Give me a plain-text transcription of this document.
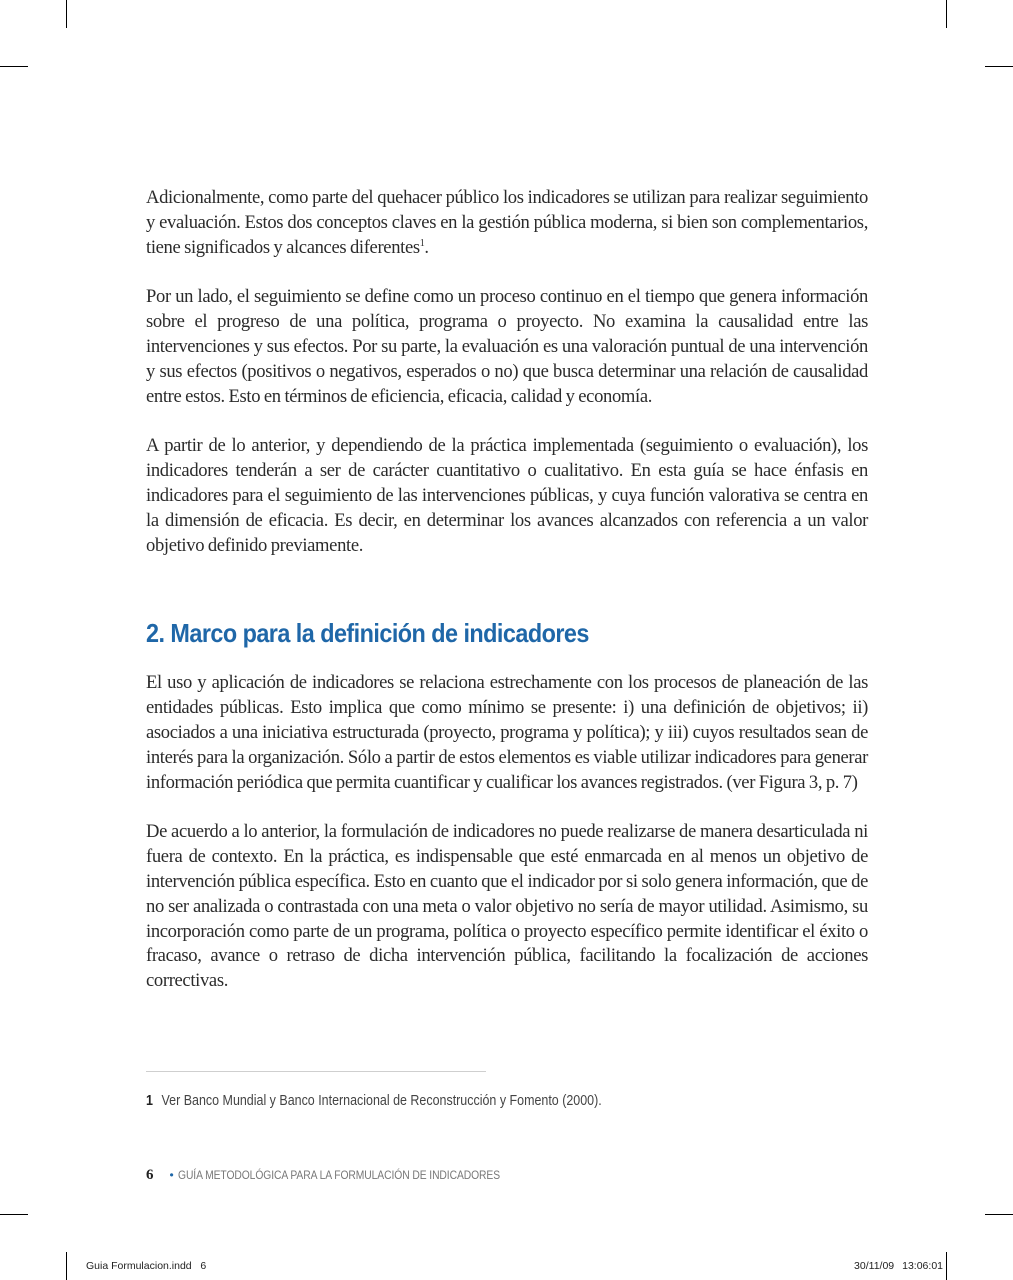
Adicionalmente, como parte del quehacer público los indicadores se utilizan para realizar seguimiento y evaluación. Estos dos conceptos claves en la gestión pública moderna, si bien son complementarios, tiene significados y alcances diferentes$^1$.

Por un lado, el seguimiento se define como un proceso continuo en el tiempo que genera información sobre el progreso de una política, programa o proyecto. No examina la causalidad entre las intervenciones y sus efectos. Por su parte, la evaluación es una valoración puntual de una intervención y sus efectos (positivos o negativos, esperados o no) que busca determinar una relación de causalidad entre estos. Esto en términos de eficiencia, eficacia, calidad y economía.

A partir de lo anterior, y dependiendo de la práctica implementada (seguimiento o evaluación), los indicadores tenderán a ser de carácter cuantitativo o cualitativo. En esta guía se hace énfasis en indicadores para el seguimiento de las intervenciones públicas, y cuya función valorativa se centra en la dimensión de eficacia. Es decir, en determinar los avances alcanzados con referencia a un valor objetivo definido previamente.

2. Marco para la definición de indicadores

El uso y aplicación de indicadores se relaciona estrechamente con los procesos de planeación de las entidades públicas. Esto implica que como mínimo se presente: i) una definición de objetivos; ii) asociados a una iniciativa estructurada (proyecto, programa y política); y iii) cuyos resultados sean de interés para la organización. Sólo a partir de estos elementos es viable utilizar indicadores para generar información periódica que permita cuantificar y cualificar los avances registrados. (ver Figura 3, p. 7)

De acuerdo a lo anterior, la formulación de indicadores no puede realizarse de manera desarticulada ni fuera de contexto. En la práctica, es indispensable que esté enmarcada en al menos un objetivo de intervención pública específica. Esto en cuanto que el indicador por si solo genera información, que de no ser analizada o contrastada con una meta o valor objetivo no sería de mayor utilidad. Asimismo, su incorporación como parte de un programa, política o proyecto específico permite identificar el éxito o fracaso, avance o retraso de dicha intervención pública, facilitando la focalización de acciones correctivas.

1 Ver Banco Mundial y Banco Internacional de Reconstrucción y Fomento (2000).
6 • GUÍA METODOLÓGICA PARA LA FORMULACIÓN DE INDICADORES
Guia Formulacion.indd   6	30/11/09 13:06:01
